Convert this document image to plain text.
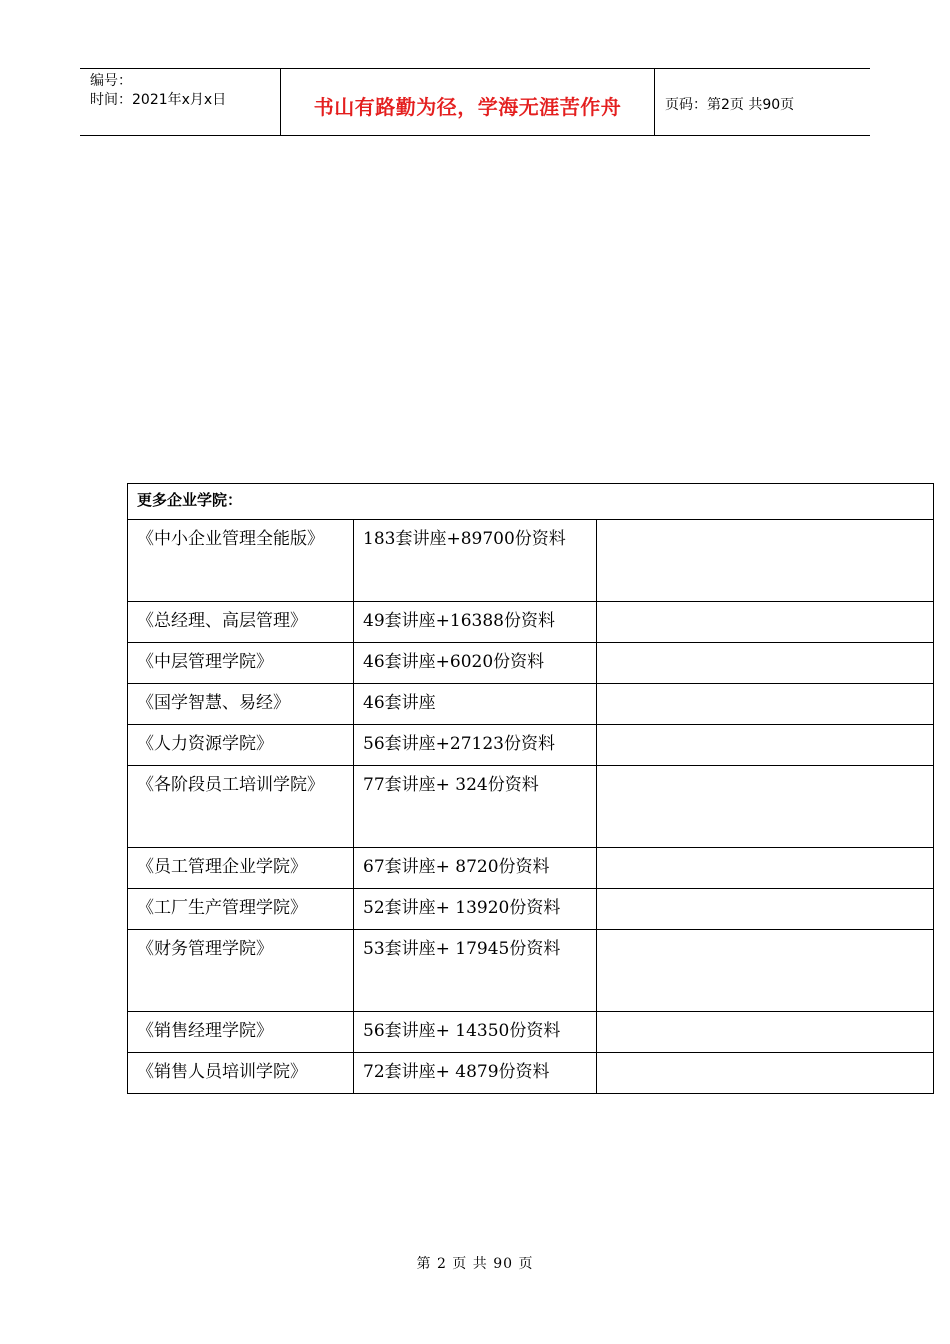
编号：
时间：2021年x月x日	书山有路勤为径，学海无涯苦作舟	页码：第2页 共90页
更多企业学院：		

《中小企业管理全能版》	183套讲座+89700份资料	

《总经理、高层管理》	49套讲座+16388份资料	

《中层管理学院》	46套讲座+6020份资料	

《国学智慧、易经》	46套讲座	

《人力资源学院》	56套讲座+27123份资料	

《各阶段员工培训学院》	77套讲座+ 324份资料	

《员工管理企业学院》	67套讲座+ 8720份资料	

《工厂生产管理学院》	52套讲座+ 13920份资料	

《财务管理学院》	53套讲座+ 17945份资料	

《销售经理学院》	56套讲座+ 14350份资料	

《销售人员培训学院》	72套讲座+ 4879份资料	

第 2 页 共 90 页
